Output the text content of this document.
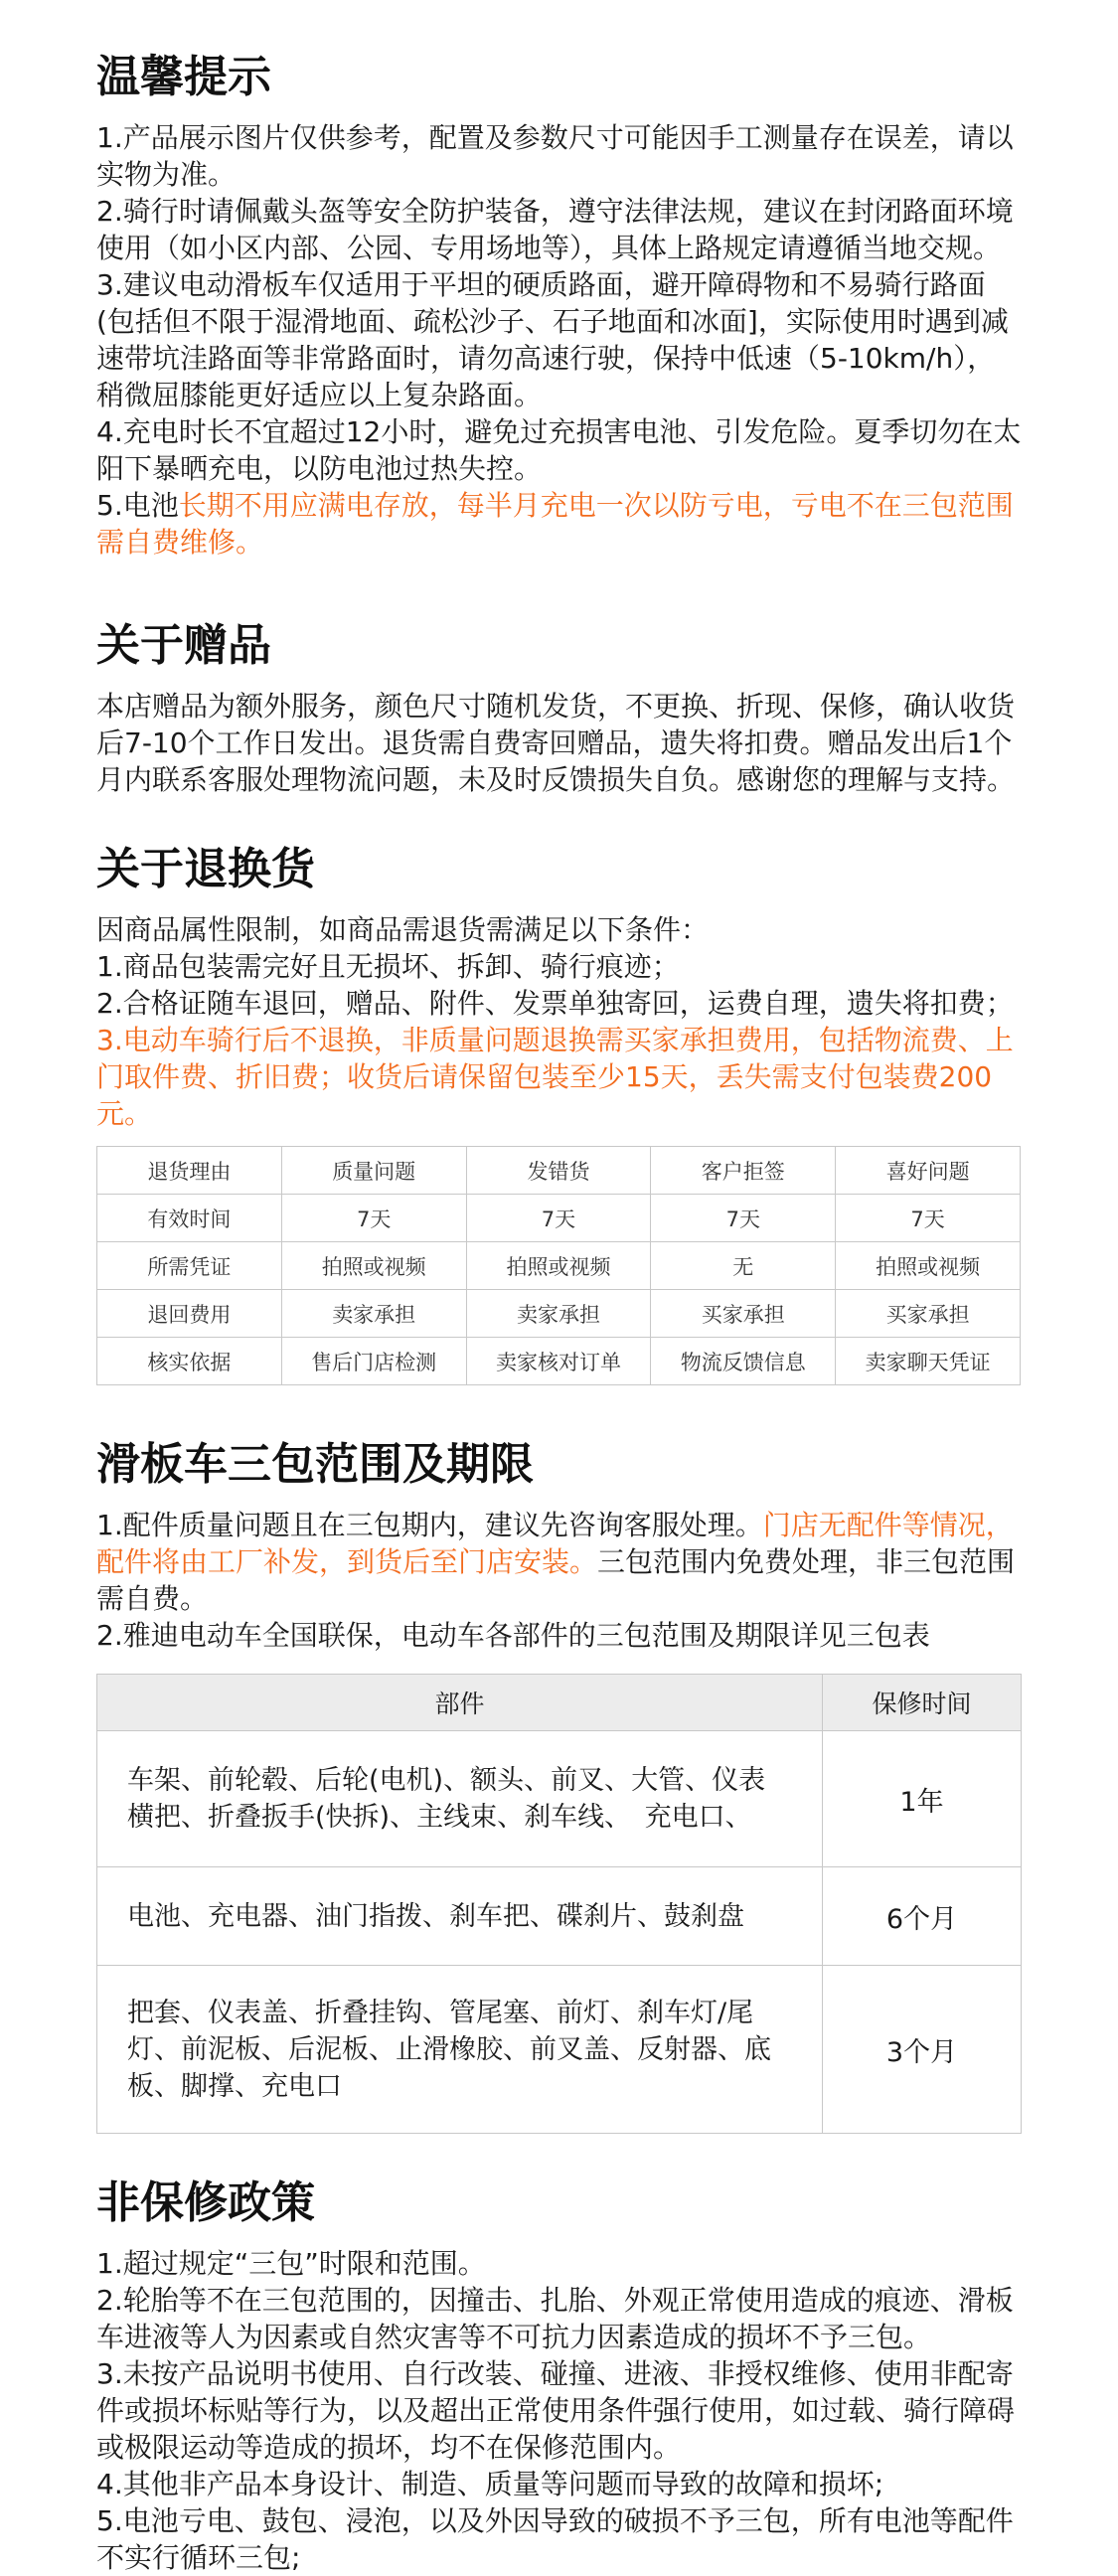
温馨提示

1.产品展示图片仅供参考，配置及参数尺寸可能因手工测量存在误差，请以实物为准。

2.骑行时请佩戴头盔等安全防护装备，遵守法律法规，建议在封闭路面环境使用（如小区内部、公园、专用场地等），具体上路规定请遵循当地交规。

3.建议电动滑板车仅适用于平坦的硬质路面，避开障碍物和不易骑行路面(包括但不限于湿滑地面、疏松沙子、石子地面和冰面]，实际使用时遇到减速带坑洼路面等非常路面时，请勿高速行驶，保持中低速（5-10km/h），稍微屈膝能更好适应以上复杂路面。

4.充电时长不宜超过12小时，避免过充损害电池、引发危险。夏季切勿在太阳下暴晒充电，以防电池过热失控。

5.电池长期不用应满电存放，每半月充电一次以防亏电，亏电不在三包范围需自费维修。

关于赠品

本店赠品为额外服务，颜色尺寸随机发货，不更换、折现、保修，确认收货后7-10个工作日发出。退货需自费寄回赠品，遗失将扣费。赠品发出后1个月内联系客服处理物流问题，未及时反馈损失自负。感谢您的理解与支持。

关于退换货

因商品属性限制，如商品需退货需满足以下条件：

1.商品包装需完好且无损坏、拆卸、骑行痕迹；

2.合格证随车退回，赠品、附件、发票单独寄回，运费自理，遗失将扣费；

3.电动车骑行后不退换，非质量问题退换需买家承担费用，包括物流费、上门取件费、折旧费；收货后请保留包装至少15天，丢失需支付包装费200元。

退货理由	质量问题	发错货	客户拒签	喜好问题
有效时间	7天	7天	7天	7天
所需凭证	拍照或视频	拍照或视频	无	拍照或视频
退回费用	卖家承担	卖家承担	买家承担	买家承担
核实依据	售后门店检测	卖家核对订单	物流反馈信息	卖家聊天凭证
滑板车三包范围及期限

1.配件质量问题且在三包期内，建议先咨询客服处理。门店无配件等情况，配件将由工厂补发，到货后至门店安装。三包范围内免费处理，非三包范围需自费。

2.雅迪电动车全国联保，电动车各部件的三包范围及期限详见三包表

部件	保修时间
车架、前轮毂、后轮(电机)、额头、前叉、大管、仪表横把、折叠扳手(快拆)、主线束、刹车线、　充电口、	1年
电池、充电器、油门指拨、刹车把、碟刹片、鼓刹盘	6个月
把套、仪表盖、折叠挂钩、管尾塞、前灯、刹车灯/尾灯、前泥板、后泥板、止滑橡胶、前叉盖、反射器、底板、脚撑、充电口	3个月
非保修政策

1.超过规定“三包”时限和范围。

2.轮胎等不在三包范围的，因撞击、扎胎、外观正常使用造成的痕迹、滑板车进液等人为因素或自然灾害等不可抗力因素造成的损坏不予三包。

3.未按产品说明书使用、自行改装、碰撞、进液、非授权维修、使用非配寄件或损坏标贴等行为，以及超出正常使用条件强行使用，如过载、骑行障碍或极限运动等造成的损坏，均不在保修范围内。

4.其他非产品本身设计、制造、质量等问题而导致的故障和损坏;

5.电池亏电、鼓包、浸泡，以及外因导致的破损不予三包，所有电池等配件不实行循环三包;
